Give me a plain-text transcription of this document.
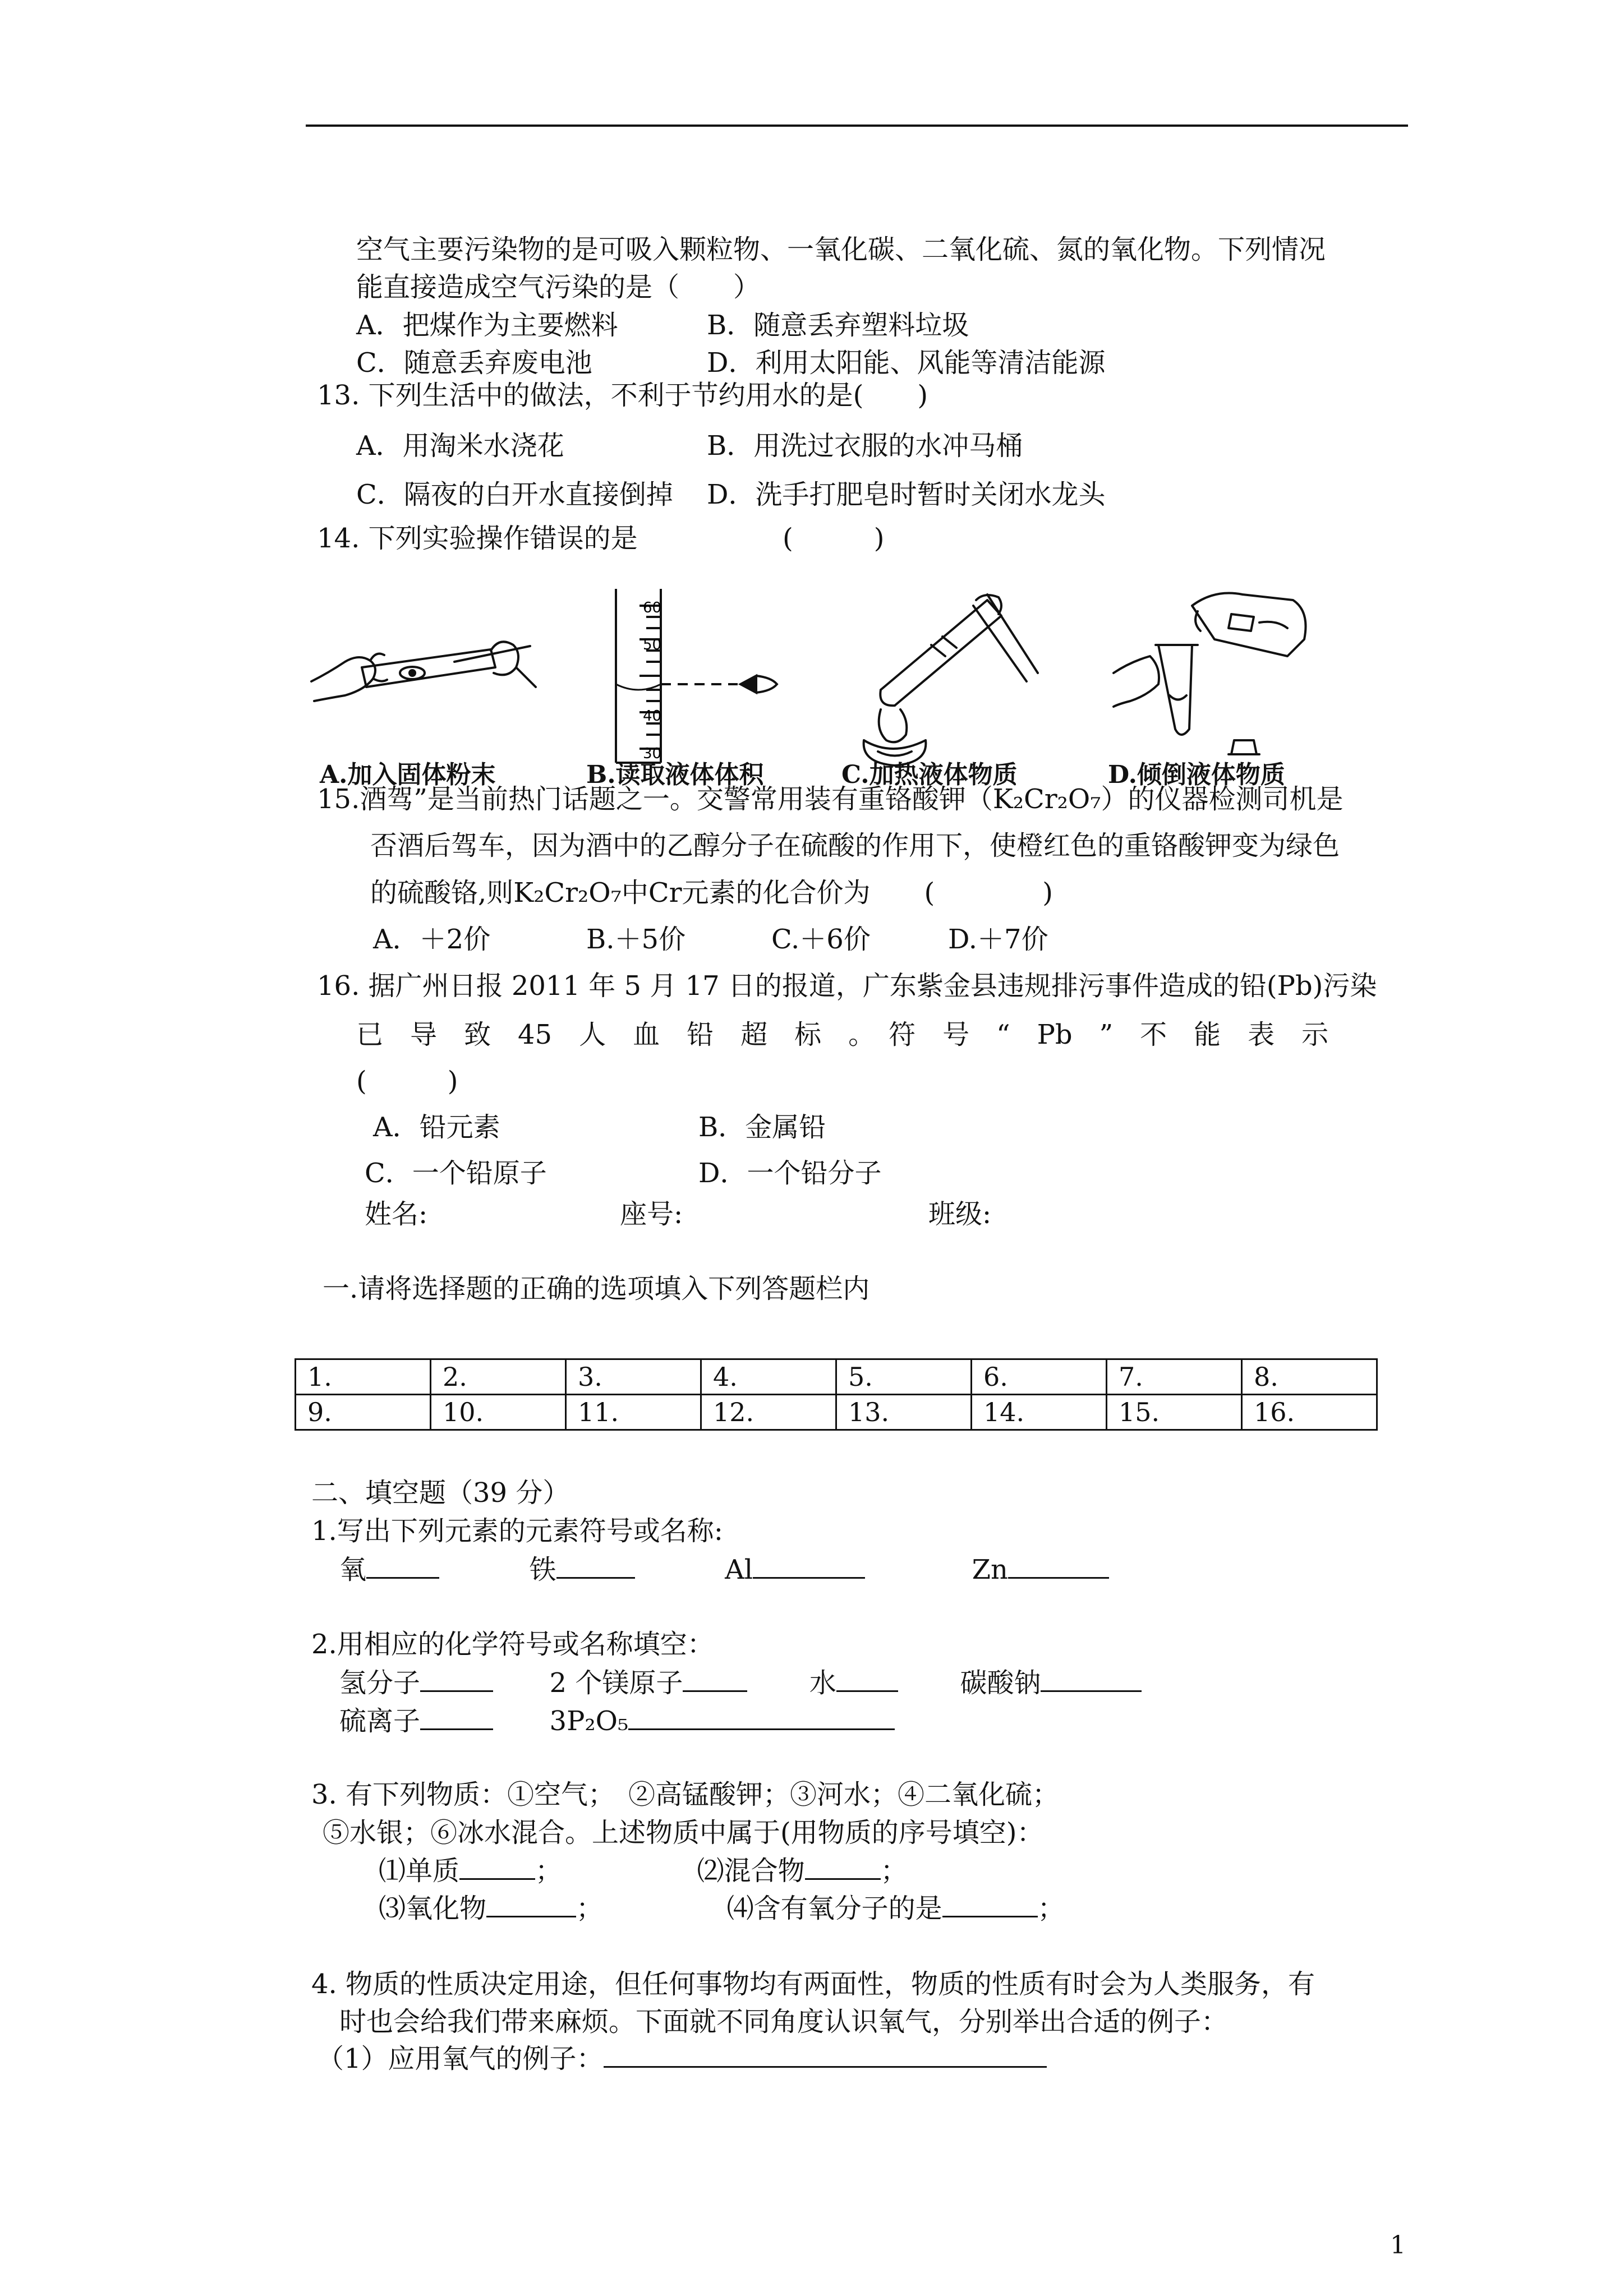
空气主要污染物的是可吸入颗粒物、一氧化碳、二氧化硫、氮的氧化物。下列情况
能直接造成空气污染的是（　　）
A．把煤作为主要燃料	B．随意丢弃塑料垃圾
C．随意丢弃废电池	D．利用太阳能、风能等清洁能源
13. 下列生活中的做法，不利于节约用水的是(　　)
A．用淘米水浇花	B．用洗过衣服的水冲马桶
C．隔夜的白开水直接倒掉 D．洗手打肥皂时暂时关闭水龙头
14. 下列实验操作错误的是	(　　　)
A.加入固体粉末
60
50
40
30
B.读取液体体积	C.加热液体物质	D.倾倒液体物质
15.酒驾”是当前热门话题之一。交警常用装有重铬酸钾（K₂Cr₂O₇）的仪器检测司机是
否酒后驾车，因为酒中的乙醇分子在硫酸的作用下，使橙红色的重铬酸钾变为绿色
的硫酸铬,则K₂Cr₂O₇中Cr元素的化合价为　　(　　　　)
A．＋2价	B.＋5价	C.＋6价	D.＋7价
16. 据广州日报 2011 年 5 月 17 日的报道，广东紫金县违规排污事件造成的铅(Pb)污染
已　导　致　45　人　血　铅　超　标　。　符　号　“　Pb　”　不　能　表　示
(　　　)
A．铅元素	B．金属铅
C．一个铅原子	D．一个铅分子
姓名:	座号:	班级:
一.请将选择题的正确的选项填入下列答题栏内
1.	2.	3.	4.	5.	6.	7.	8.
9.	10.	11.	12.	13.	14.	15.	16.
二、填空题（39 分）
1.写出下列元素的元素符号或名称:
氧	铁	Al	Zn
2.用相应的化学符号或名称填空：
氢分子	2 个镁原子	水	碳酸钠
硫离子	3P₂O₅
3. 有下列物质：①空气；　②高锰酸钾；③河水；④二氧化硫；
⑤水银；⑥冰水混合。上述物质中属于(用物质的序号填空)：
⑴单质	；	⑵混合物	；
⑶氧化物	；	⑷含有氧分子的是	；
4. 物质的性质决定用途，但任何事物均有两面性，物质的性质有时会为人类服务，有
时也会给我们带来麻烦。下面就不同角度认识氧气，分别举出合适的例子：
（1）应用氧气的例子：
1
